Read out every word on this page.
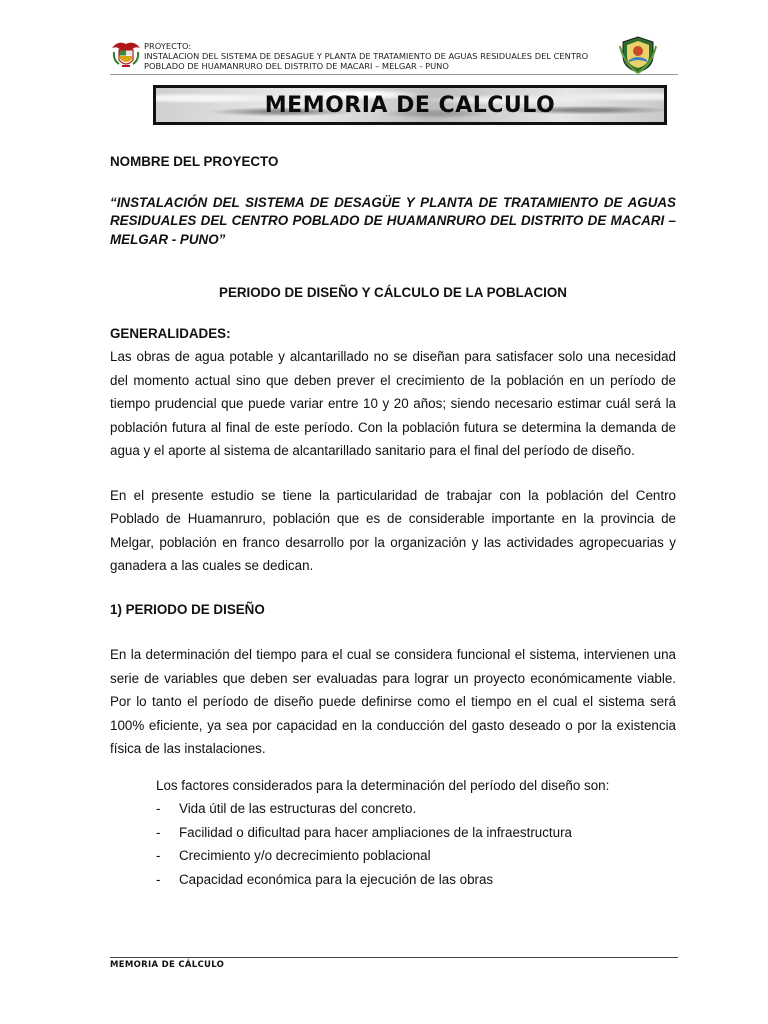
PROYECTO:
INSTALACION DEL SISTEMA DE DESAGUE Y PLANTA DE TRATAMIENTO DE AGUAS RESIDUALES DEL CENTRO
POBLADO DE HUAMANRURO DEL DISTRITO DE MACARI – MELGAR - PUNO
MEMORIA DE CALCULO

NOMBRE DEL PROYECTO

“INSTALACIÓN DEL SISTEMA DE DESAGÜE Y PLANTA DE TRATAMIENTO DE AGUAS RESIDUALES DEL CENTRO POBLADO DE HUAMANRURO DEL DISTRITO DE MACARI – MELGAR - PUNO”

PERIODO DE DISEÑO Y CÁLCULO DE LA POBLACION

GENERALIDADES:

Las obras de agua potable y alcantarillado no se diseñan para satisfacer solo una necesidad del momento actual sino que deben prever el crecimiento de la población en un período de tiempo prudencial que puede variar entre 10 y 20 años; siendo necesario estimar cuál será la población futura al final de este período. Con la población futura se determina la demanda de agua y el aporte al sistema de alcantarillado sanitario para el final del período de diseño.

En el presente estudio se tiene la particularidad de trabajar con la población del Centro Poblado de Huamanruro, población que es de considerable importante en la provincia de Melgar, población en franco desarrollo por la organización y las actividades agropecuarias y ganadera a las cuales se dedican.

1) PERIODO DE DISEÑO

En la determinación del tiempo para el cual se considera funcional el sistema, intervienen una serie de variables que deben ser evaluadas para lograr un proyecto económicamente viable. Por lo tanto el período de diseño puede definirse como el tiempo en el cual el sistema será 100% eficiente, ya sea por capacidad en la conducción del gasto deseado o por la existencia física de las instalaciones.

Los factores considerados para la determinación del período del diseño son:

- Vida útil de las estructuras del concreto.
- Facilidad o dificultad para hacer ampliaciones de la infraestructura
- Crecimiento y/o decrecimiento poblacional
- Capacidad económica para la ejecución de las obras
MEMORIA DE CÁLCULO
